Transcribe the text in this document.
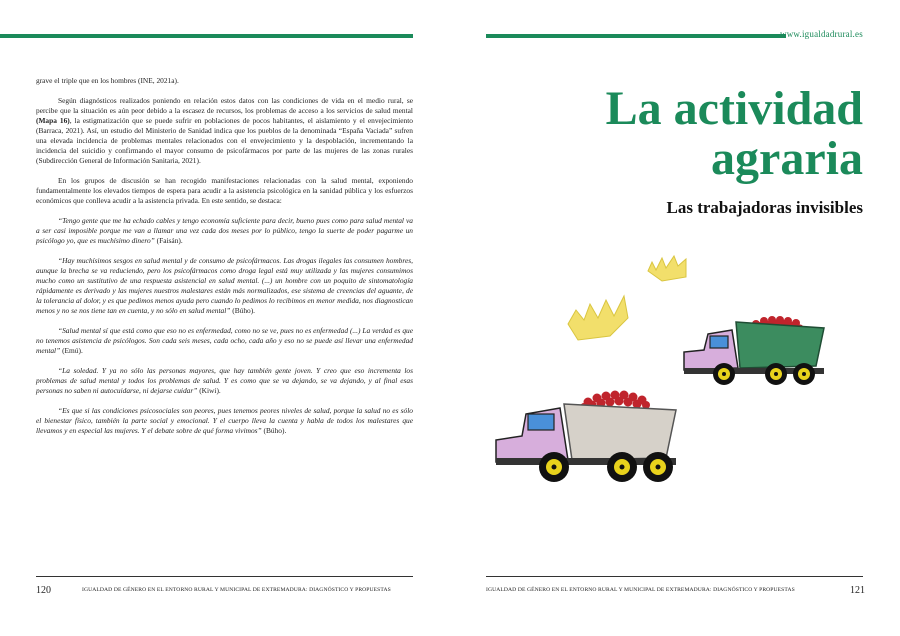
grave el triple que en los hombres (INE, 2021a).

Según diagnósticos realizados poniendo en relación estos datos con las condiciones de vida en el medio rural, se percibe que la situación es aún peor debido a la escasez de recursos, los problemas de acceso a los servicios de salud mental (Mapa 16), la estigmatización que se puede sufrir en poblaciones de pocos habitantes, el aislamiento y el envejecimiento (Barraca, 2021). Así, un estudio del Ministerio de Sanidad indica que los pueblos de la denominada “España Vaciada” sufren una elevada incidencia de problemas mentales relacionados con el envejecimiento y la despoblación, incrementando la incidencia del suicidio y confirmando el mayor consumo de psicofármacos por parte de las mujeres de las zonas rurales (Subdirección General de Información Sanitaria, 2021).

En los grupos de discusión se han recogido manifestaciones relacionadas con la salud mental, exponiendo fundamentalmente los elevados tiempos de espera para acudir a la asistencia psicológica en la sanidad pública y los esfuerzos económicos que conlleva acudir a la asistencia privada. En este sentido, se destaca:

“Tengo gente que me ha echado cables y tengo economía suficiente para decir, bueno pues como para salud mental va a ser casi imposible porque me van a llamar una vez cada dos meses por lo público, tengo la suerte de poder pagarme un psicólogo yo, que es muchísimo dinero” (Faisán).

“Hay muchísimos sesgos en salud mental y de consumo de psicofármacos. Las drogas ilegales las consumen hombres, aunque la brecha se va reduciendo, pero los psicofármacos como droga legal está muy utilizada y las mujeres consumimos mucho como un sustitutivo de una respuesta asistencial en salud mental. (...) un hombre con un poquito de sintomatología rápidamente es derivado y las mujeres nuestros malestares están más normalizados, ese sistema de creencias del aguante, de la tolerancia al dolor, y es que pedimos menos ayuda pero cuando lo pedimos lo recibimos en menor medida, nos diagnostican menos y no se nos tiene tan en cuenta, y no sólo en salud mental” (Búho).

“Salud mental sí que está como que eso no es enfermedad, como no se ve, pues no es enfermedad (...) La verdad es que no tenemos asistencia de psicólogos. Son cada seis meses, cada ocho, cada año y eso no se puede así llevar una enfermedad mental” (Emú).

“La soledad. Y ya no sólo las personas mayores, que hay también gente joven. Y creo que eso incrementa los problemas de salud mental y todos los problemas de salud. Y es como que se va dejando, se va dejando, y al final esas personas no saben ni autocuidarse, ni dejarse cuidar” (Kiwi).

“Es que si las condiciones psicosociales son peores, pues tenemos peores niveles de salud, porque la salud no es sólo el bienestar físico, también la parte social y emocional. Y el cuerpo lleva la cuenta y habla de todos los malestares que llevamos y en especial las mujeres. Y el debate sobre de qué forma vivimos” (Búho).

120	IGUALDAD DE GÉNERO EN EL ENTORNO RURAL Y MUNICIPAL DE EXTREMADURA: DIAGNÓSTICO Y PROPUESTAS
www.igualdadrural.es
La actividad
agraria
Las trabajadoras invisibles
IGUALDAD DE GÉNERO EN EL ENTORNO RURAL Y MUNICIPAL DE EXTREMADURA: DIAGNÓSTICO Y PROPUESTAS	121
